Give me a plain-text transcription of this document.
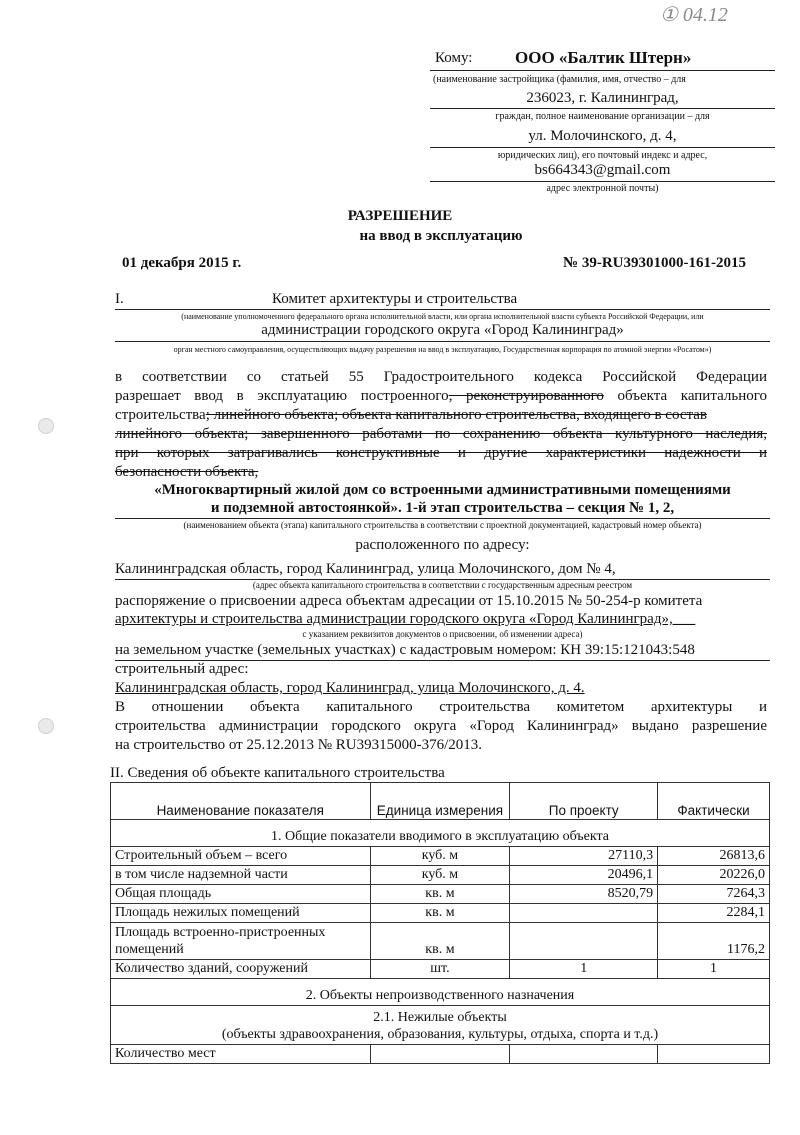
① 04.12
Кому:	ООО «Балтик Штерн»
(наименование застройщика (фамилия, имя, отчество – для
236023, г. Калининград,
граждан, полное наименование организации – для
ул. Молочинского, д. 4,
юридических лиц), его почтовый индекс и адрес,
bs664343@gmail.com
адрес электронной почты)
РАЗРЕШЕНИЕ
на ввод в эксплуатацию
01 декабря 2015 г.	№ 39-RU39301000-161-2015
I.	Комитет архитектуры и строительства
(наименование уполномоченного федерального органа исполнительной власти, или органа исполнительной власти субъекта Российской Федерации, или
администрации городского округа «Город Калининград»
орган местного самоуправления, осуществляющих выдачу разрешения на ввод в эксплуатацию, Государственная корпорация по атомной энергии «Росатом»)
в соответствии со статьей 55 Градостроительного кодекса Российской Федерации
разрешает ввод в эксплуатацию построенного, реконструированного объекта капитального
строительства; линейного объекта; объекта капитального строительства, входящего в состав
линейного объекта; завершенного работами по сохранению объекта культурного наследия,
при которых затрагивались конструктивные и другие характеристики надежности и
безопасности объекта,
«Многоквартирный жилой дом со встроенными административными помещениями
и подземной автостоянкой». 1-й этап строительства – секция № 1, 2,
(наименованием объекта (этапа) капитального строительства в соответствии с проектной документацией, кадастровый номер объекта)
расположенного по адресу:
Калининградская область, город Калининград, улица Молочинского, дом № 4,
(адрес объекта капитального строительства в соответствии с государственным адресным реестром
распоряжение о присвоении адреса объектам адресации от 15.10.2015 № 50-254-р комитета
архитектуры и строительства администрации городского округа «Город Калининград»,___
с указанием реквизитов документов о присвоении, об изменении адреса)
на земельном участке (земельных участках) с кадастровым номером: КН 39:15:121043:548
строительный адрес:
Калининградская область, город Калининград, улица Молочинского, д. 4.
В отношении объекта капитального строительства комитетом архитектуры и
строительства администрации городского округа «Город Калининград» выдано разрешение
на строительство от 25.12.2013 № RU39315000-376/2013.
II. Сведения об объекте капитального строительства
Наименование показателя	Единица измерения	По проекту	Фактически
1. Общие показатели вводимого в эксплуатацию объекта			
Строительный объем – всего	куб. м	27110,3	26813,6
в том числе надземной части	куб. м	20496,1	20226,0
Общая площадь	кв. м	8520,79	7264,3
Площадь нежилых помещений	кв. м		2284,1
Площадь встроенно-пристроенных помещений	кв. м		1176,2
Количество зданий, сооружений	шт.	1	1
2. Объекты непроизводственного назначения			

2.1. Нежилые объекты
(объекты здравоохранения, образования, культуры, отдыха, спорта и т.д.)			

Количество мест			
